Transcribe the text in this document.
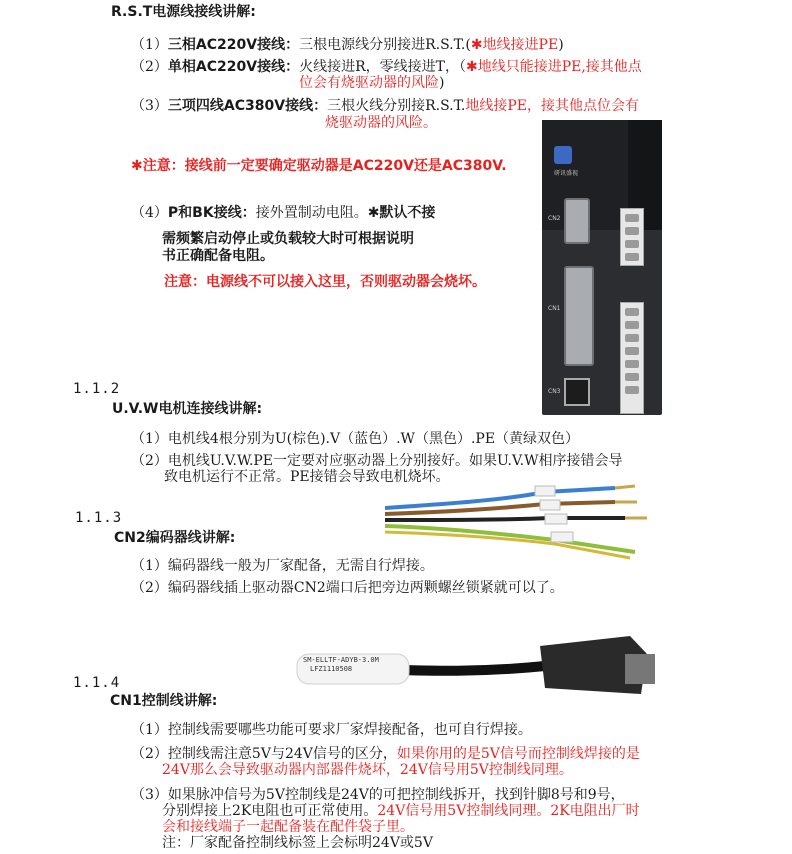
R.S.T电源线接线讲解:
（1）三相AC220V接线：三根电源线分别接进R.S.T.(✱地线接进PE)
（2）单相AC220V接线：火线接进R，零线接进T，（✱地线只能接进PE,接其他点
位会有烧驱动器的风险)
（3）三项四线AC380V接线：三根火线分别接R.S.T.地线接PE，接其他点位会有
烧驱动器的风险。
✱注意：接线前一定要确定驱动器是AC220V还是AC380V.
（4）P和BK接线：接外置制动电阻。✱默认不接
需频繁启动停止或负载较大时可根据说明
书正确配备电阻。
注意：电源线不可以接入这里，否则驱动器会烧坏。
研讯盛视
CN2
CN1
CN3
1.1.2
U.V.W电机连接线讲解:
（1）电机线4根分别为U(棕色).V（蓝色）.W（黑色）.PE（黄绿双色）
（2）电机线U.V.W.PE一定要对应驱动器上分别接好。如果U.V.W相序接错会导
致电机运行不正常。PE接错会导致电机烧坏。
1.1.3
CN2编码器线讲解:
（1）编码器线一般为厂家配备，无需自行焊接。
（2）编码器线插上驱动器CN2端口后把旁边两颗螺丝锁紧就可以了。
SM-ELLTF-ADYB-3.0M
LFZ1110508
1.1.4
CN1控制线讲解:
（1）控制线需要哪些功能可要求厂家焊接配备，也可自行焊接。
（2）控制线需注意5V与24V信号的区分，如果你用的是5V信号而控制线焊接的是
24V那么会导致驱动器内部器件烧坏，24V信号用5V控制线同理。
（3）如果脉冲信号为5V控制线是24V的可把控制线拆开，找到针脚8号和9号，
分别焊接上2K电阻也可正常使用。24V信号用5V控制线同理。2K电阻出厂时
会和接线端子一起配备装在配件袋子里。
注：厂家配备控制线标签上会标明24V或5V
